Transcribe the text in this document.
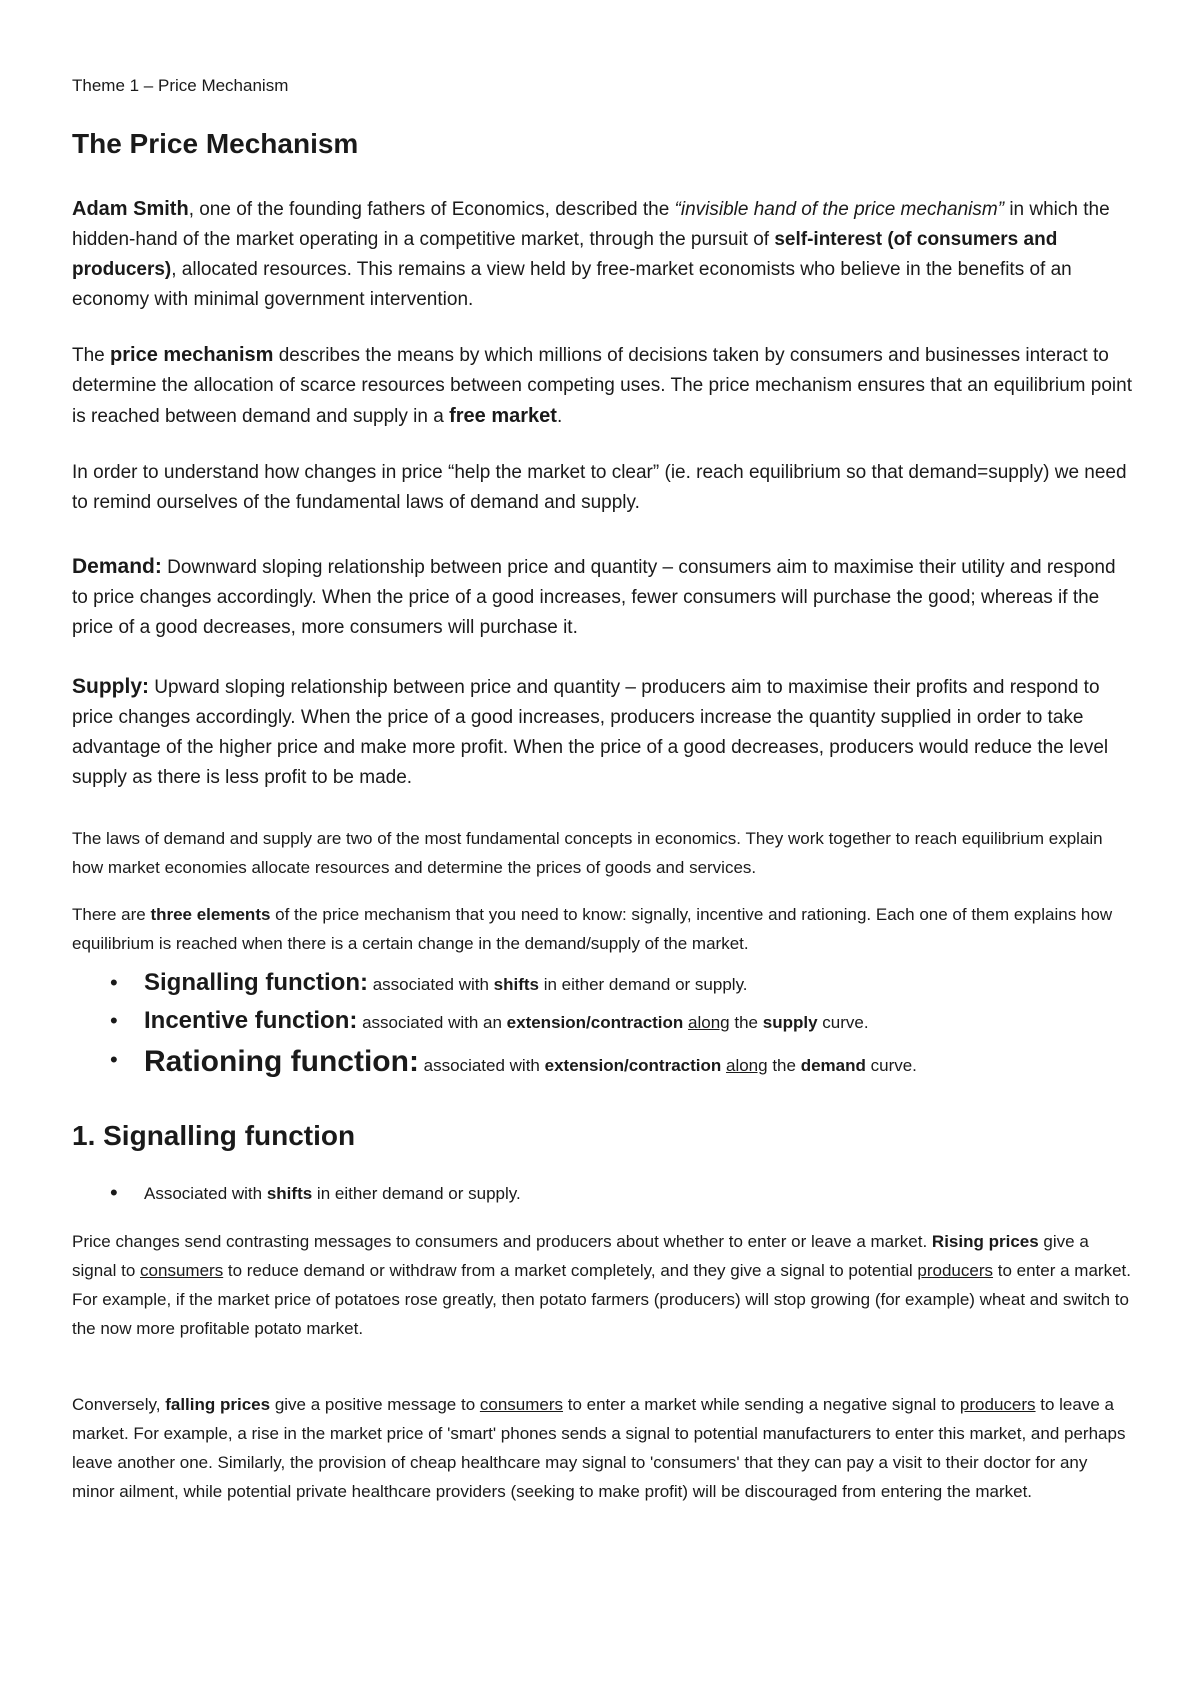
Theme 1 – Price Mechanism
The Price Mechanism

Adam Smith, one of the founding fathers of Economics, described the “invisible hand of the price mechanism” in which the hidden-hand of the market operating in a competitive market, through the pursuit of self-interest (of consumers and producers), allocated resources. This remains a view held by free-market economists who believe in the benefits of an economy with minimal government intervention.

The price mechanism describes the means by which millions of decisions taken by consumers and businesses interact to determine the allocation of scarce resources between competing uses. The price mechanism ensures that an equilibrium point is reached between demand and supply in a free market.

In order to understand how changes in price “help the market to clear” (ie. reach equilibrium so that demand=supply) we need to remind ourselves of the fundamental laws of demand and supply.

Demand: Downward sloping relationship between price and quantity – consumers aim to maximise their utility and respond to price changes accordingly. When the price of a good increases, fewer consumers will purchase the good; whereas if the price of a good decreases, more consumers will purchase it.

Supply: Upward sloping relationship between price and quantity – producers aim to maximise their profits and respond to price changes accordingly. When the price of a good increases, producers increase the quantity supplied in order to take advantage of the higher price and make more profit. When the price of a good decreases, producers would reduce the level supply as there is less profit to be made.

The laws of demand and supply are two of the most fundamental concepts in economics. They work together to reach equilibrium explain how market economies allocate resources and determine the prices of goods and services.

There are three elements of the price mechanism that you need to know: signally, incentive and rationing. Each one of them explains how equilibrium is reached when there is a certain change in the demand/supply of the market.

• Signalling function: associated with shifts in either demand or supply.
• Incentive function: associated with an extension/contraction along the supply curve.
• Rationing function: associated with extension/contraction along the demand curve.
1. Signalling function
• Associated with shifts in either demand or supply.

Price changes send contrasting messages to consumers and producers about whether to enter or leave a market. Rising prices give a signal to consumers to reduce demand or withdraw from a market completely, and they give a signal to potential producers to enter a market. For example, if the market price of potatoes rose greatly, then potato farmers (producers) will stop growing (for example) wheat and switch to the now more profitable potato market.

Conversely, falling prices give a positive message to consumers to enter a market while sending a negative signal to producers to leave a market. For example, a rise in the market price of 'smart' phones sends a signal to potential manufacturers to enter this market, and perhaps leave another one. Similarly, the provision of cheap healthcare may signal to 'consumers' that they can pay a visit to their doctor for any minor ailment, while potential private healthcare providers (seeking to make profit) will be discouraged from entering the market.
